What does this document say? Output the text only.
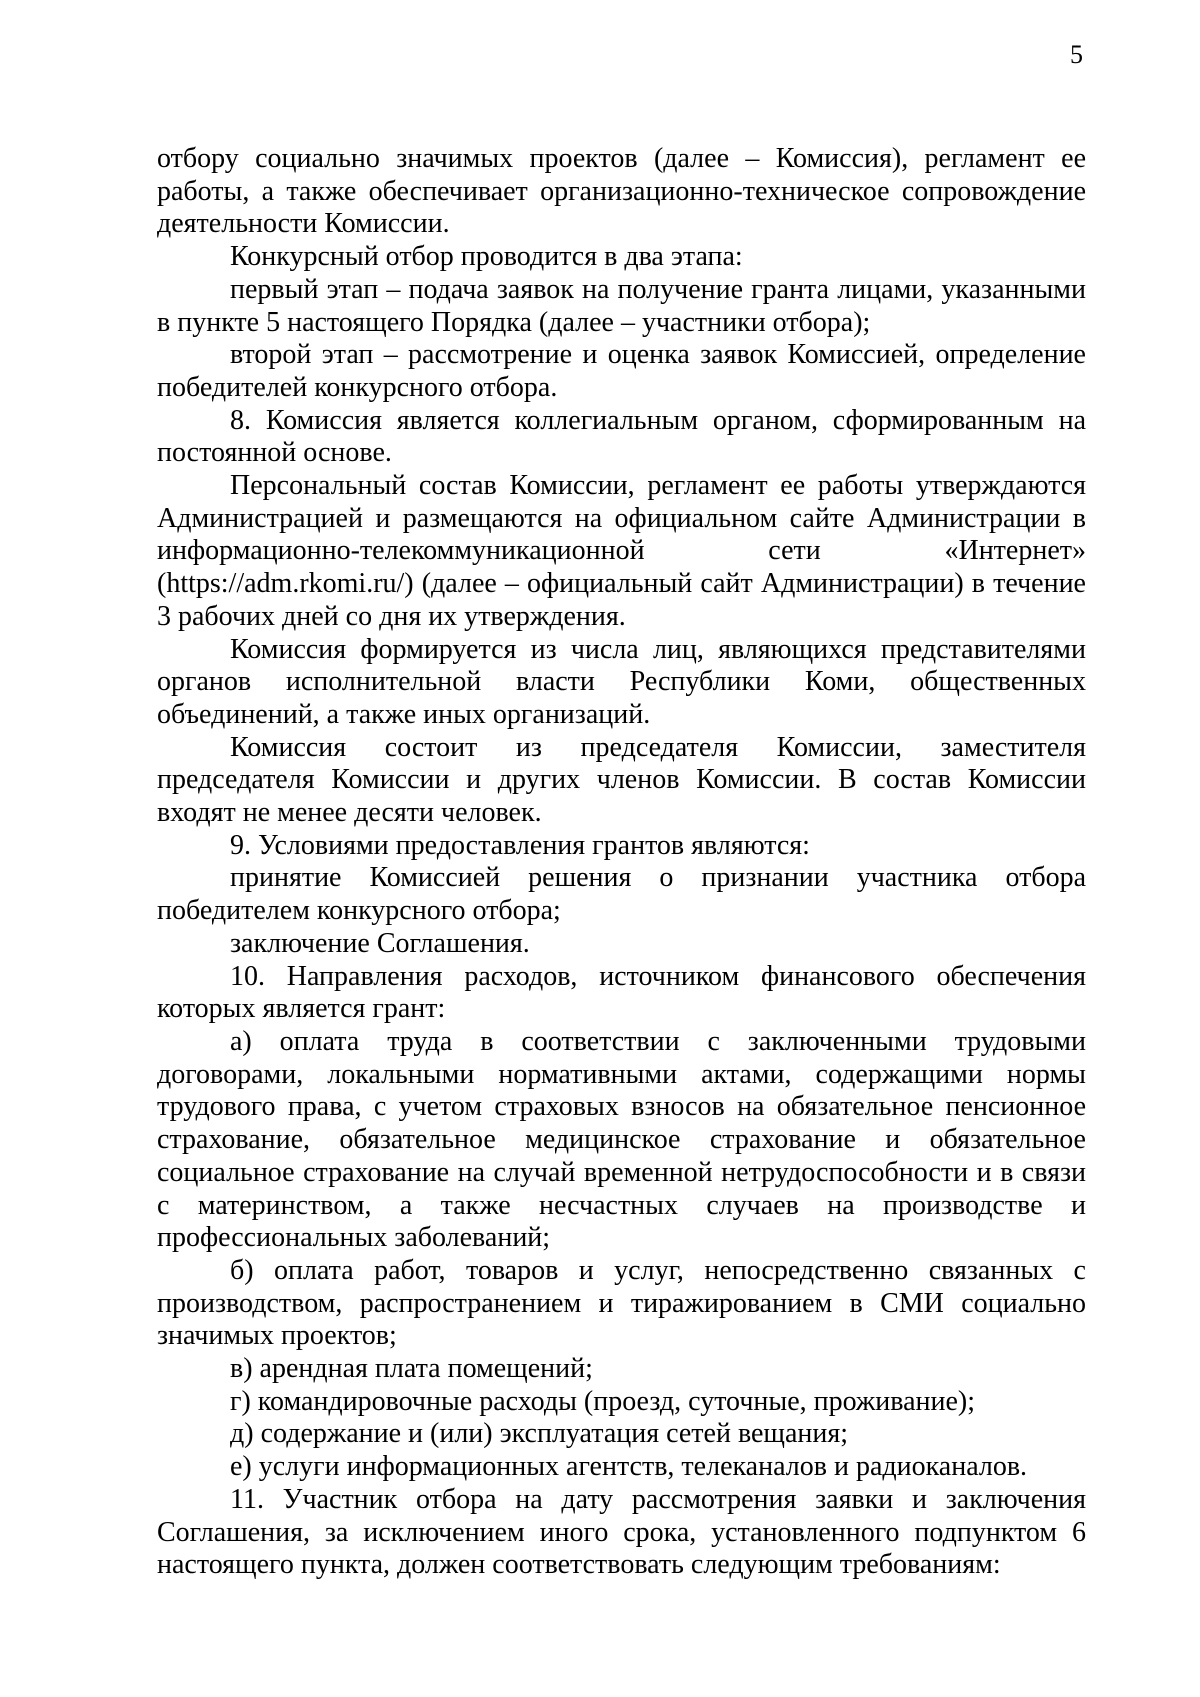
5

отбору социально значимых проектов (далее – Комиссия), регламент ее работы, а также обеспечивает организационно-техническое сопровождение деятельности Комиссии.

Конкурсный отбор проводится в два этапа:

первый этап – подача заявок на получение гранта лицами, указанными в пункте 5 настоящего Порядка (далее – участники отбора);

второй этап – рассмотрение и оценка заявок Комиссией, определение победителей конкурсного отбора.

8. Комиссия является коллегиальным органом, сформированным на постоянной основе.

Персональный состав Комиссии, регламент ее работы утверждаются Администрацией и размещаются на официальном сайте Администрации в информационно-телекоммуникационной сети «Интернет» (https://adm.rkomi.ru/) (далее – официальный сайт Администрации) в течение 3 рабочих дней со дня их утверждения.

Комиссия формируется из числа лиц, являющихся представителями органов исполнительной власти Республики Коми, общественных объединений, а также иных организаций.

Комиссия состоит из председателя Комиссии, заместителя председателя Комиссии и других членов Комиссии. В состав Комиссии входят не менее десяти человек.

9. Условиями предоставления грантов являются:

принятие Комиссией решения о признании участника отбора победителем конкурсного отбора;

заключение Соглашения.

10. Направления расходов, источником финансового обеспечения которых является грант:

а) оплата труда в соответствии с заключенными трудовыми договорами, локальными нормативными актами, содержащими нормы трудового права, с учетом страховых взносов на обязательное пенсионное страхование, обязательное медицинское страхование и обязательное социальное страхование на случай временной нетрудоспособности и в связи с материнством, а также несчастных случаев на производстве и профессиональных заболеваний;

б) оплата работ, товаров и услуг, непосредственно связанных с производством, распространением и тиражированием в СМИ социально значимых проектов;

в) арендная плата помещений;

г) командировочные расходы (проезд, суточные, проживание);

д) содержание и (или) эксплуатация сетей вещания;

е) услуги информационных агентств, телеканалов и радиоканалов.

11. Участник отбора на дату рассмотрения заявки и заключения Соглашения, за исключением иного срока, установленного подпунктом 6 настоящего пункта, должен соответствовать следующим требованиям:
